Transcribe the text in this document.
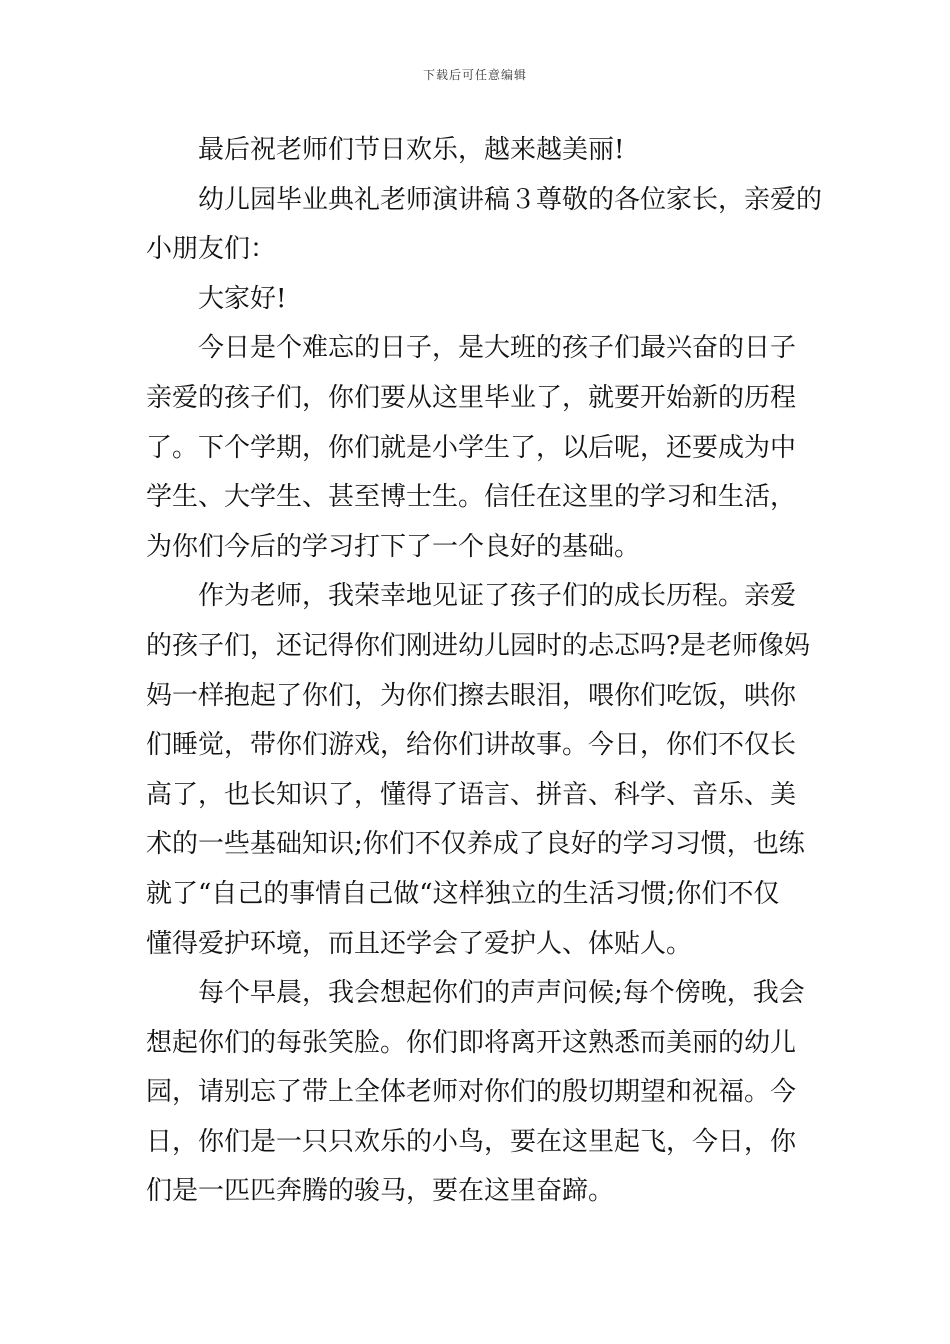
下载后可任意编辑
最后祝老师们节日欢乐，越来越美丽!
幼儿园毕业典礼老师演讲稿３尊敬的各位家长，亲爱的
小朋友们：
大家好!
今日是个难忘的日子，是大班的孩子们最兴奋的日子
亲爱的孩子们，你们要从这里毕业了，就要开始新的历程
了。下个学期，你们就是小学生了，以后呢，还要成为中
学生、大学生、甚至博士生。信任在这里的学习和生活，
为你们今后的学习打下了一个良好的基础。
作为老师，我荣幸地见证了孩子们的成长历程。亲爱
的孩子们，还记得你们刚进幼儿园时的忐忑吗?是老师像妈
妈一样抱起了你们，为你们擦去眼泪，喂你们吃饭，哄你
们睡觉，带你们游戏，给你们讲故事。今日，你们不仅长
高了，也长知识了，懂得了语言、拼音、科学、音乐、美
术的一些基础知识;你们不仅养成了良好的学习习惯，也练
就了“自己的事情自己做“这样独立的生活习惯;你们不仅
懂得爱护环境，而且还学会了爱护人、体贴人。
每个早晨，我会想起你们的声声问候;每个傍晚，我会
想起你们的每张笑脸。你们即将离开这熟悉而美丽的幼儿
园，请别忘了带上全体老师对你们的殷切期望和祝福。今
日，你们是一只只欢乐的小鸟，要在这里起飞，今日，你
们是一匹匹奔腾的骏马，要在这里奋蹄。
